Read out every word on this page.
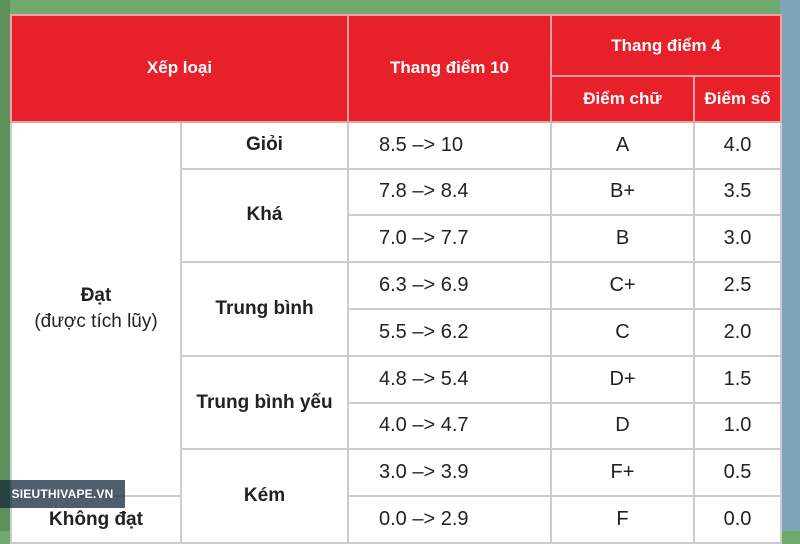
Xếp loại		Thang điểm 10	Thang điểm 4	
			Điểm chữ	Điểm số

Đạt
(được tích lũy)	Giỏi	8.5 –> 10	A	4.0
	Khá	7.8 –> 8.4	B+	3.5
		7.0 –> 7.7	B	3.0
	Trung bình	6.3 –> 6.9	C+	2.5
		5.5 –> 6.2	C	2.0
	Trung bình yếu	4.8 –> 5.4	D+	1.5
		4.0 –> 4.7	D	1.0
	Kém	3.0 –> 3.9	F+	0.5
Không đạt		0.0 –> 2.9	F	0.0
SIEUTHIVAPE.VN
